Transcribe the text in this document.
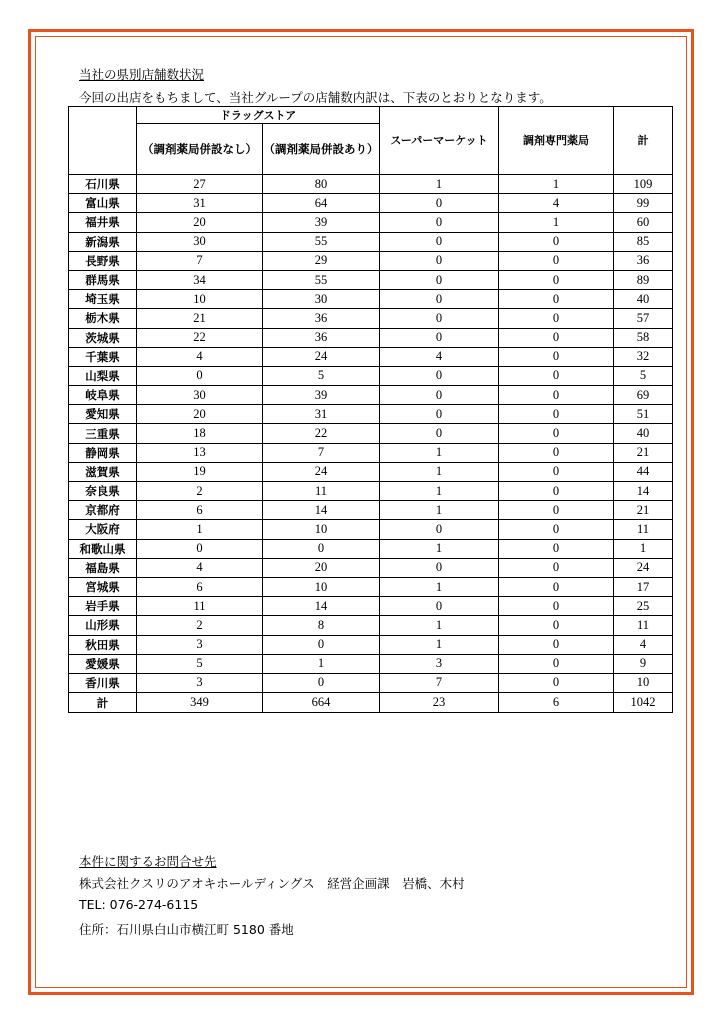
当社の県別店舗数状況
今回の出店をもちまして、当社グループの店舗数内訳は、下表のとおりとなります。
	ドラッグストア		スーパーマーケット	調剤専門薬局	計
	（調剤薬局併設なし）	（調剤薬局併設あり）			
石川県	27	80	1	1	109
富山県	31	64	0	4	99
福井県	20	39	0	1	60
新潟県	30	55	0	0	85
長野県	7	29	0	0	36
群馬県	34	55	0	0	89
埼玉県	10	30	0	0	40
栃木県	21	36	0	0	57
茨城県	22	36	0	0	58
千葉県	4	24	4	0	32
山梨県	0	5	0	0	5
岐阜県	30	39	0	0	69
愛知県	20	31	0	0	51
三重県	18	22	0	0	40
静岡県	13	7	1	0	21
滋賀県	19	24	1	0	44
奈良県	2	11	1	0	14
京都府	6	14	1	0	21
大阪府	1	10	0	0	11
和歌山県	0	0	1	0	1
福島県	4	20	0	0	24
宮城県	6	10	1	0	17
岩手県	11	14	0	0	25
山形県	2	8	1	0	11
秋田県	3	0	1	0	4
愛媛県	5	1	3	0	9
香川県	3	0	7	0	10
計	349	664	23	6	1042
本件に関するお問合せ先
株式会社クスリのアオキホールディングス　経営企画課　岩橋、木村
TEL: 076-274-6115
住所：石川県白山市横江町 5180 番地
